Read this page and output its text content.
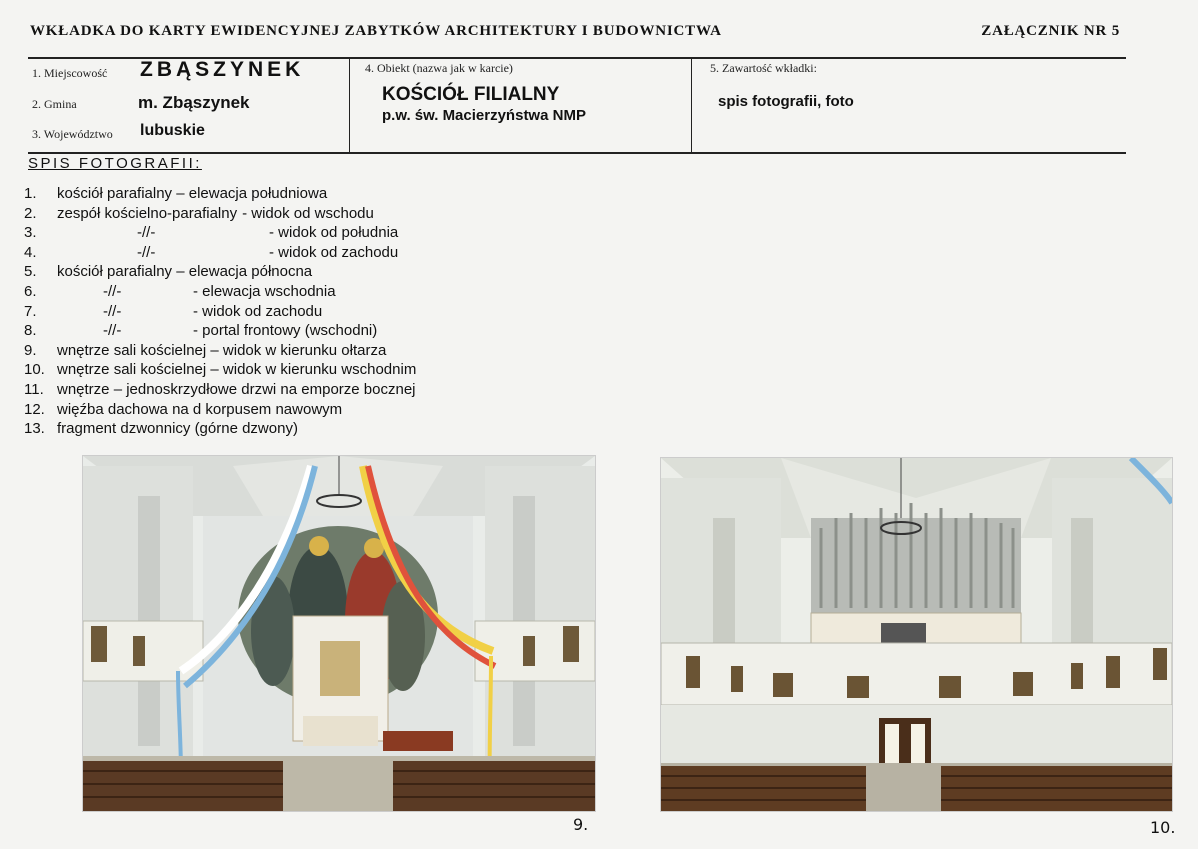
WKŁADKA DO KARTY EWIDENCYJNEJ ZABYTKÓW ARCHITEKTURY I BUDOWNICTWA	ZAŁĄCZNIK NR 5
1. Miejscowość ZBĄSZYNEK
2. Gmina	m. Zbąszynek
3. Województwo lubuskie
4. Obiekt (nazwa jak w karcie)
KOŚCIÓŁ FILIALNY
p.w. św. Macierzyństwa NMP
5. Zawartość wkładki:
spis fotografii, foto
SPIS FOTOGRAFII:
1.	kościół parafialny – elewacja południowa
2.	zespół kościelno-parafialny - widok od wschodu
3.	-//-	- widok od południa
4.	-//-	- widok od zachodu
5.	kościół parafialny – elewacja północna
6.	-//-	- elewacja wschodnia
7.	-//-	- widok od zachodu
8.	-//-	- portal frontowy (wschodni)
9.	wnętrze sali kościelnej – widok w kierunku ołtarza
10. wnętrze sali kościelnej – widok w kierunku wschodnim
11. wnętrze – jednoskrzydłowe drzwi na emporze bocznej
12. więźba dachowa na d korpusem nawowym
13. fragment dzwonnicy (górne dzwony)
9.	10.
